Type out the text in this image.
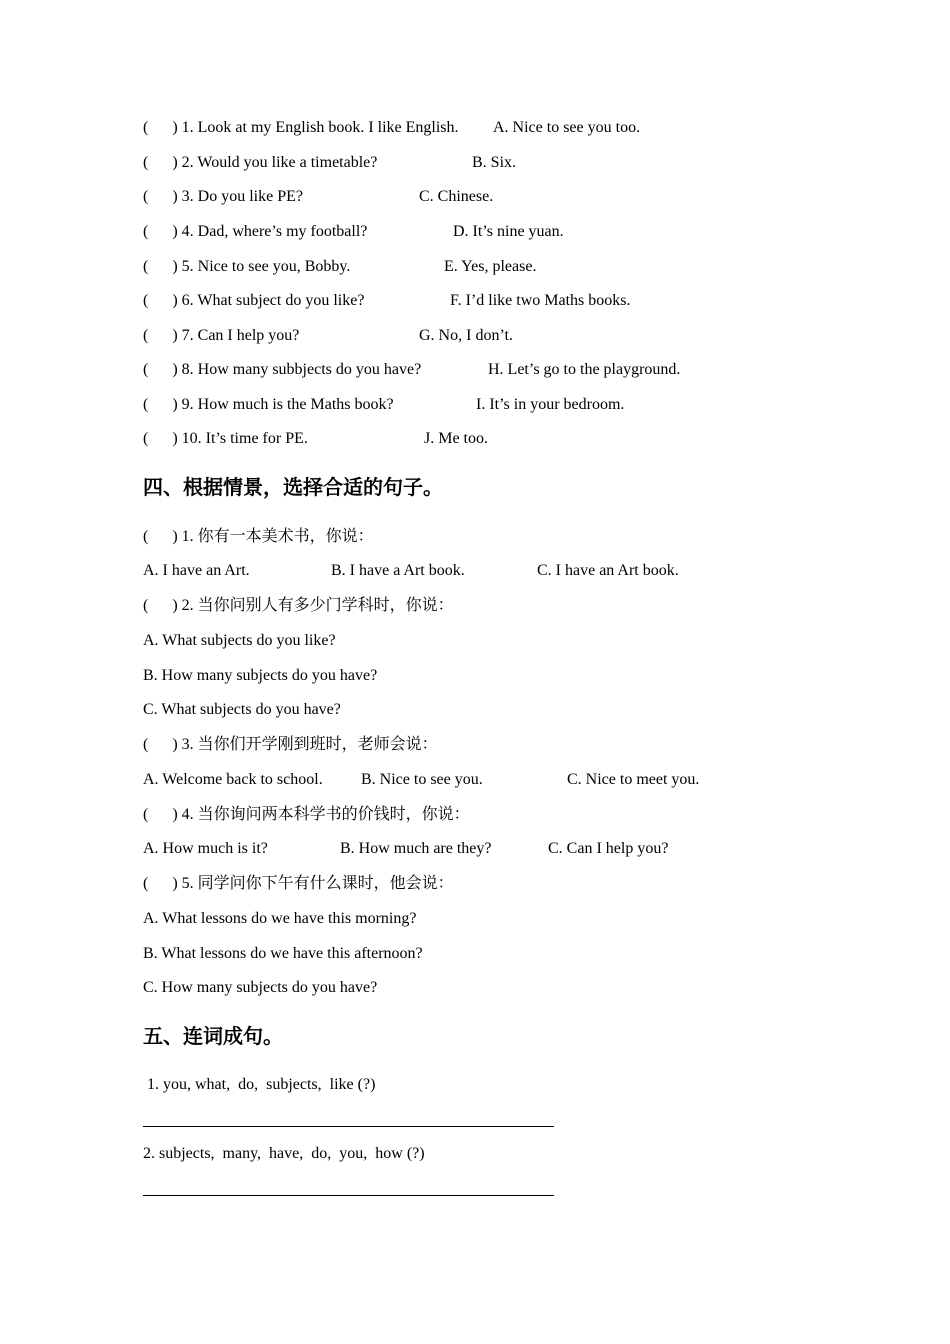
(      ) 1. Look at my English book. I like English. A. Nice to see you too.
(      ) 2. Would you like a timetable?	B. Six.
(      ) 3. Do you like PE?	C. Chinese.
(      ) 4. Dad, where’s my football?	D. It’s nine yuan.
(      ) 5. Nice to see you, Bobby.	E. Yes, please.
(      ) 6. What subject do you like?	F. I’d like two Maths books.
(      ) 7. Can I help you?	G. No, I don’t.
(      ) 8. How many subbjects do you have?	H. Let’s go to the playground.
(      ) 9. How much is the Maths book?	I. It’s in your bedroom.
(      ) 10. It’s time for PE.	J. Me too.
四、根据情景，选择合适的句子。
(      ) 1. 你有一本美术书，你说：
A. I have an Art.	B. I have a Art book.	C. I have an Art book.
(      ) 2. 当你问别人有多少门学科时，你说：
A. What subjects do you like?
B. How many subjects do you have?
C. What subjects do you have?
(      ) 3. 当你们开学刚到班时，老师会说：
A. Welcome back to school. B. Nice to see you.	C. Nice to meet you.
(      ) 4. 当你询问两本科学书的价钱时，你说：
A. How much is it?	B. How much are they?	C. Can I help you?
(      ) 5. 同学问你下午有什么课时，他会说：
A. What lessons do we have this morning?
B. What lessons do we have this afternoon?
C. How many subjects do you have?
五、连词成句。
1. you, what,  do,  subjects,  like (?)
2. subjects,  many,  have,  do,  you,  how (?)
